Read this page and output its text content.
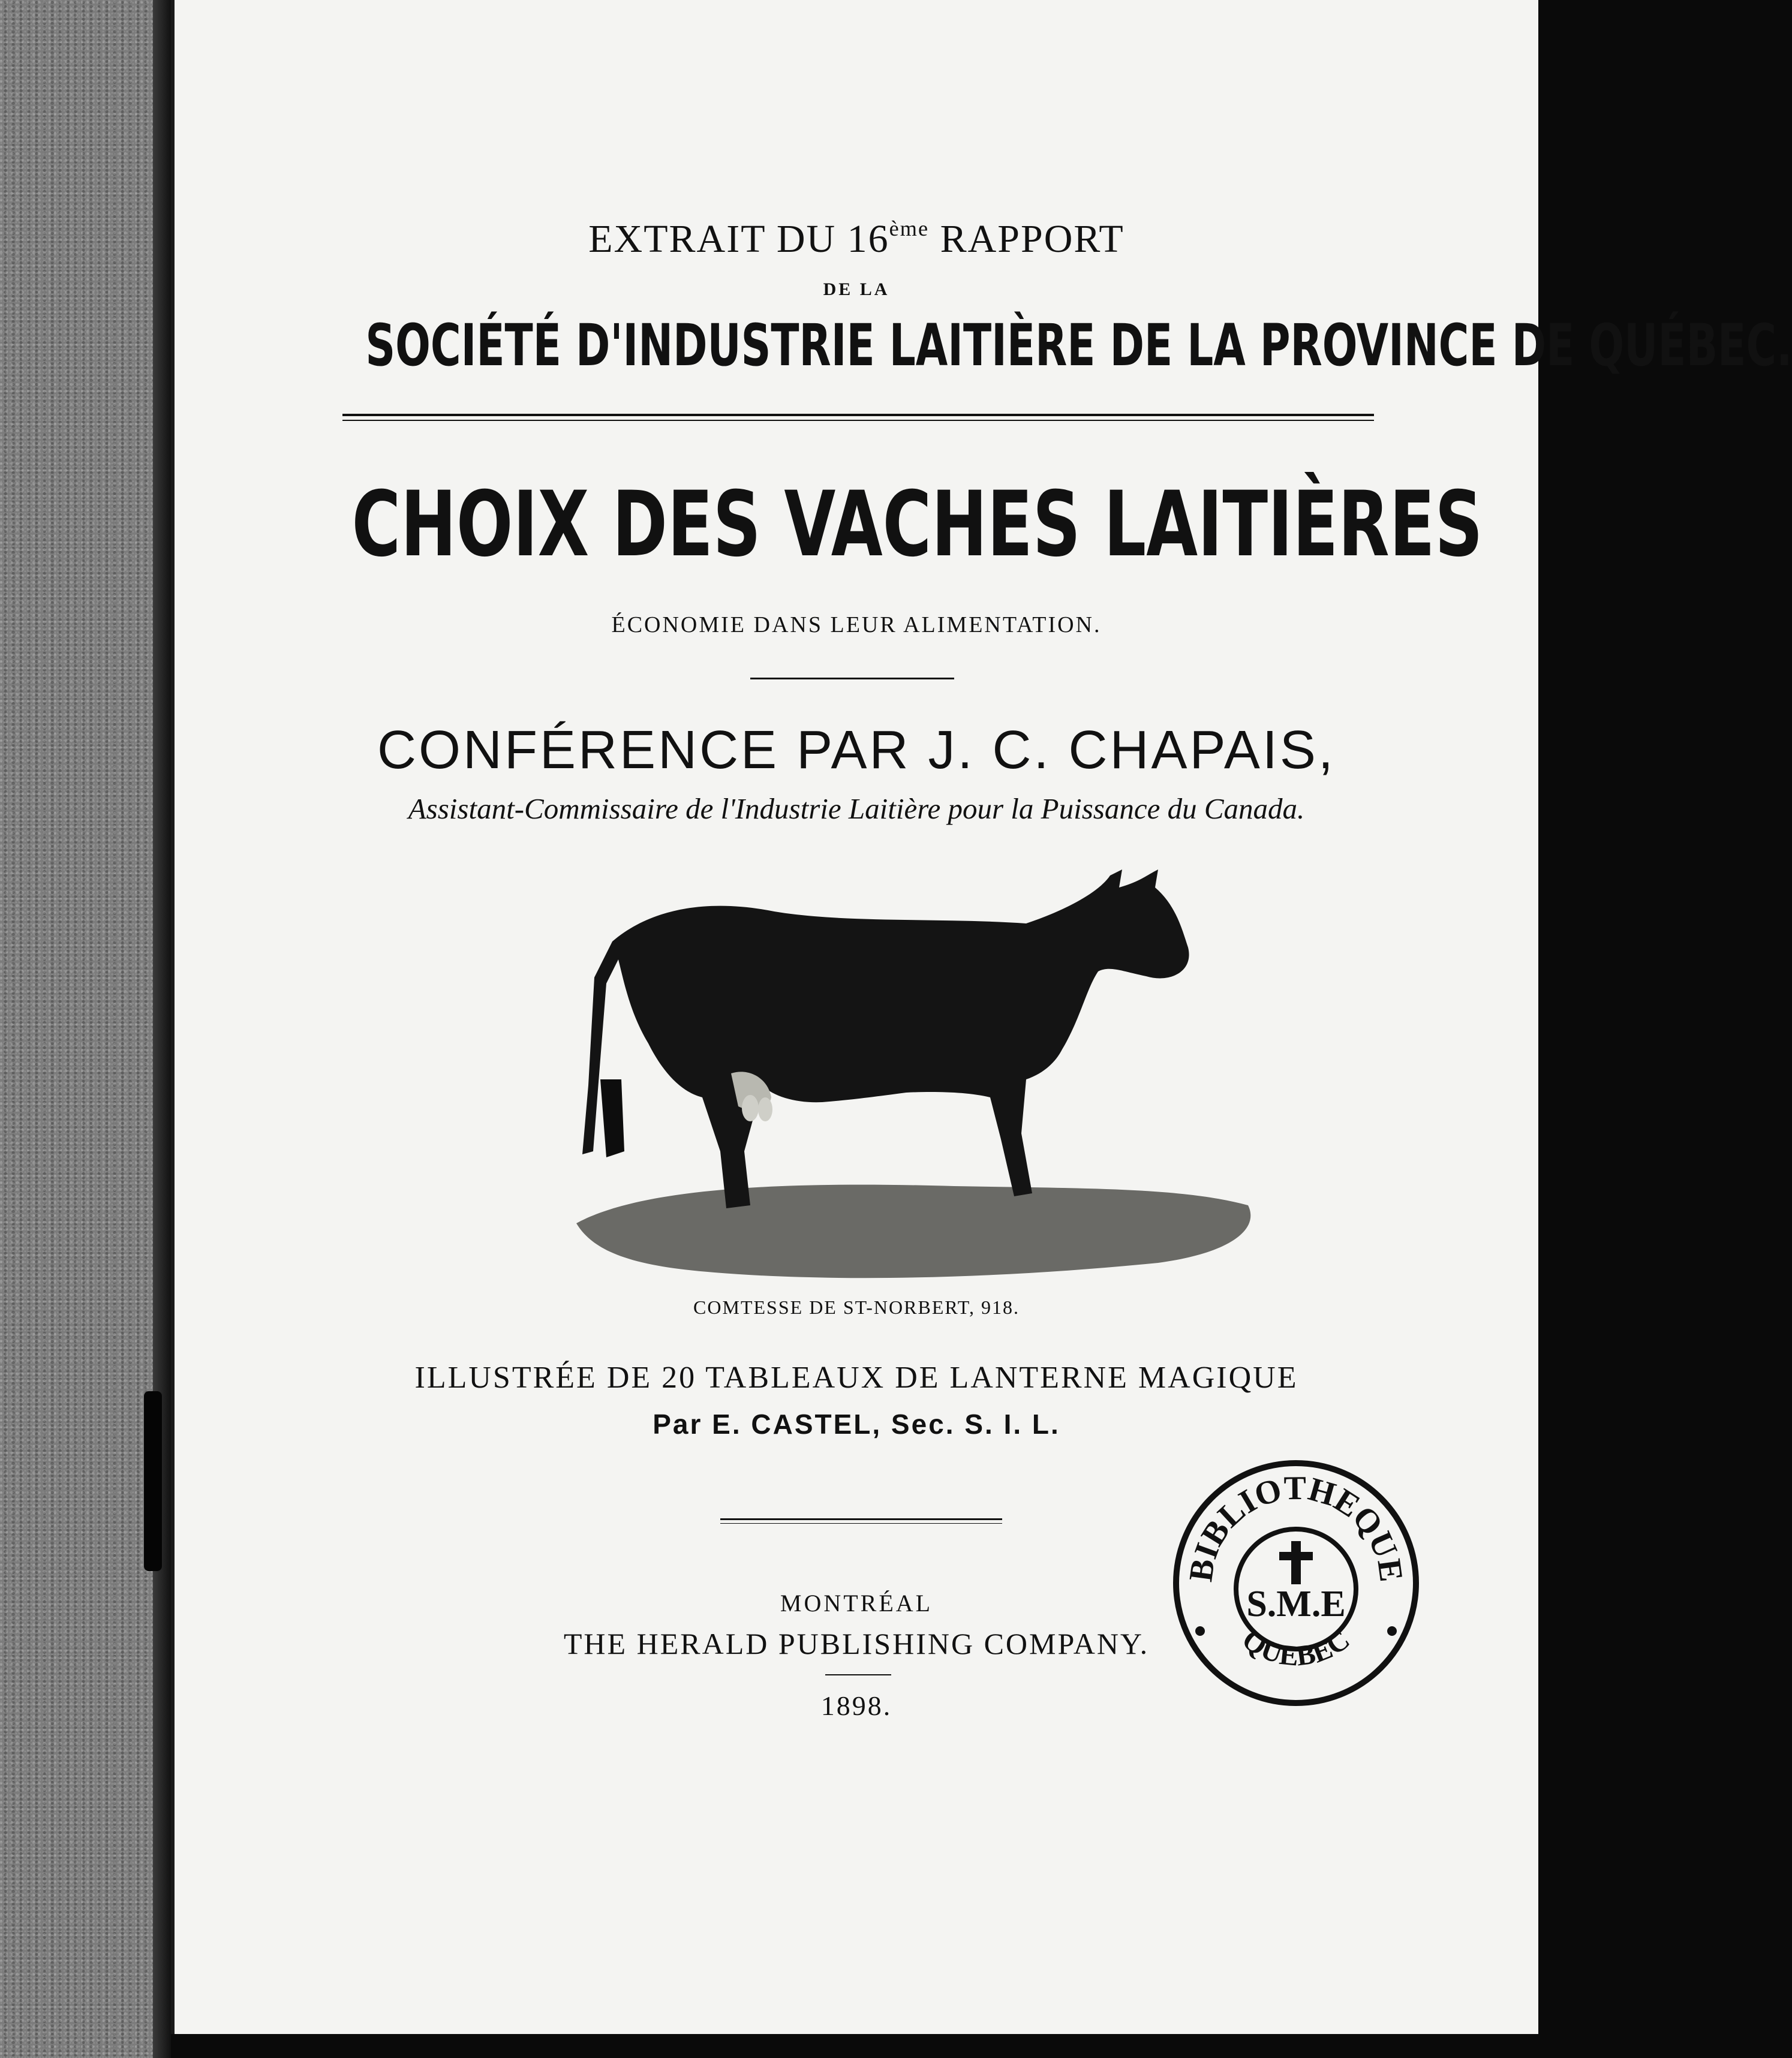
EXTRAIT DU 16ème RAPPORT
DE LA
SOCIÉTÉ D'INDUSTRIE LAITIÈRE DE LA PROVINCE DE QUÉBEC.
CHOIX DES VACHES LAITIÈRES
ÉCONOMIE DANS LEUR ALIMENTATION.
CONFÉRENCE PAR J. C. CHAPAIS,
Assistant-Commissaire de l'Industrie Laitière pour la Puissance du Canada.
COMTESSE DE ST-NORBERT, 918.
ILLUSTRÉE DE 20 TABLEAUX DE LANTERNE MAGIQUE
Par E. CASTEL, Sec. S. I. L.
MONTRÉAL
THE HERALD PUBLISHING COMPANY.
1898.
BIBLIOTHEQUE
S.M.E
QUEBEC
